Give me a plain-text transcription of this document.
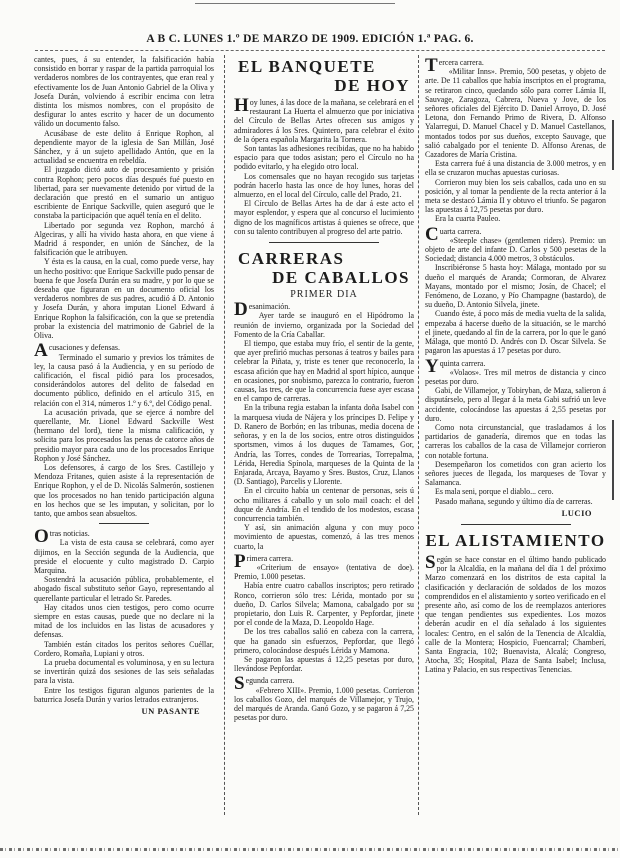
A B C. LUNES 1.º DE MARZO DE 1909. EDICIÓN 1.ª PAG. 6.
cantes, pues, á su entender, la falsificación había consistido en borrar y raspar de la partida parroquial los verdaderos nombres de los contrayentes, que eran real y efectivamente los de Juan Antonio Gabriel de la Oliva y Josefa Durán, volviendo á escribir encima con letra distinta los mismos nombres, con el propósito de desfigurar lo antes escrito y hacer de un documento válido un documento falso.
Acusábase de este delito á Enrique Rophon, al dependiente mayor de la iglesia de San Millán, José Sánchez, y á un sujeto apellidado Antón, que en la actualidad se encuentra en rebeldía.
El juzgado dictó auto de procesamiento y prisión contra Rophon; pero pocos días después fué puesto en libertad, para ser nuevamente detenido por virtud de la declaración que prestó en el sumario un antiguo escribiente de Enrique Sackville, quien aseguró que le constaba la participación que aquél tenía en el delito.
Libertado por segunda vez Rophon, marchó á Algeciras, y allí ha vivido hasta ahora, en que viene á Madrid á responder, en unión de Sánchez, de la falsificación que le atribuyen.
Y ésta es la causa, en la cual, como puede verse, hay un hecho positivo: que Enrique Sackville pudo pensar de buena fe que Josefa Durán era su madre, y por lo que se deseaba que figuraran en un documento oficial los verdaderos nombres de sus padres, acudió á D. Antonio y Josefa Durán, y ahora imputan Lionel Edward á Enrique Rophon la falsificación, con la que se pretendía probar la existencia del matrimonio de Gabriel de la Oliva.
Acusaciones y defensas.
Terminado el sumario y previos los trámites de ley, la causa pasó á la Audiencia, y en su período de calificación, el fiscal pidió para los procesados, considerándolos autores del delito de falsedad en documento público, definido en el artículo 315, en relación con el 314, números 1.º y 6.º, del Código penal.
La acusación privada, que se ejerce á nombre del querellante, Mr. Lionel Edward Sackville West (hermano del lord), tiene la misma calificación, y solicita para los procesados las penas de catorce años de presidio mayor para cada uno de los procesados Enrique Rophon y José Sánchez.
Los defensores, á cargo de los Sres. Castillejo y Mendoza Fritanes, quien asiste á la representación de Enrique Rophon, y el de D. Nicolás Salmerón, sostienen que los procesados no han tenido participación alguna en los hechos que se les imputan, y solicitan, por lo tanto, que ambos sean absueltos.
Otras noticias.
La vista de esta causa se celebrará, como ayer dijimos, en la Sección segunda de la Audiencia, que preside el elocuente y culto magistrado D. Carpio Marquina.
Sostendrá la acusación pública, probablemente, el abogado fiscal substituto señor Gayo, representando al querellante particular el letrado Sr. Paredes.
Hay citados unos cien testigos, pero como ocurre siempre en estas causas, puede que no declare ni la mitad de los incluidos en las listas de acusadores y defensas.
También están citados los peritos señores Cuéllar, Cordero, Romaña, Lupiani y otros.
La prueba documental es voluminosa, y en su lectura se invertirán quizá dos sesiones de las seis señaladas para la vista.
Entre los testigos figuran algunos parientes de la baturrica Josefa Durán y varios letrados extranjeros.
UN PASANTE
EL BANQUETE
DE HOY
Hoy lunes, á las doce de la mañana, se celebrará en el restaurant La Huerta el almuerzo que por iniciativa del Círculo de Bellas Artes ofrecen sus amigos y admiradores á los Sres. Quintero, para celebrar el éxito de la ópera española Margarita la Tornera.
Son tantas las adhesiones recibidas, que no ha habido espacio para que todos asistan; pero el Círculo no ha podido evitarlo, y ha elegido otro local.
Los comensales que no hayan recogido sus tarjetas podrán hacerlo hasta las once de hoy lunes, horas del almuerzo, en el local del Círculo, calle del Prado, 21.
El Círculo de Bellas Artes ha de dar á este acto el mayor esplendor, y espera que al concurso el lucimiento digno de los magníficos artistas á quienes se ofrece, que con su talento contribuyen al progreso del arte patrio.
CARRERAS
DE CABALLOS
PRIMER DIA
Desanimación.
Ayer tarde se inauguró en el Hipódromo la reunión de invierno, organizada por la Sociedad del Fomento de la Cría Caballar.
El tiempo, que estaba muy frío, el sentir de la gente, que ayer prefirió muchas personas á teatros y bailes para celebrar la Piñata, y, triste es tener que reconocerlo, la escasa afición que hay en Madrid al sport hípico, aunque en ocasiones, por snobismo, parezca lo contrario, fueron causas, las tres, de que la concurrencia fuese ayer escasa en el campo de carreras.
En la tribuna regia estaban la infanta doña Isabel con la marquesa viuda de Nájera y los príncipes D. Felipe y D. Ranero de Borbón; en las tribunas, media docena de señoras, y en la de los socios, entre otros distinguidos sportsmen, vimos á los duques de Tamames, Gor, Andría, las Torres, condes de Torrearias, Torrepalma, Lérida, Heredia Spínola, marqueses de la Quinta de la Enjarada, Arcaya, Bayamo y Sres. Bustos, Cruz, Llanos (D. Santiago), Parcelis y Llorente.
En el circuito había un centenar de personas, seis ú ocho militares á caballo y un solo mail coach: el del duque de Andría. En el tendido de los modestos, escasa concurrencia también.
Y así, sin animación alguna y con muy poco movimiento de apuestas, comenzó, á las tres menos cuarto, la
Primera carrera.
«Criterium de ensayo» (tentativa de doe). Premio, 1.000 pesetas.
Había entre cuatro caballos inscriptos; pero retirado Ronco, corrieron sólo tres: Lérida, montado por su dueño, D. Carlos Silvela; Mamona, cabalgado por su propietario, don Luis R. Carpenter, y Pepfordar, jinete por el conde de la Maza, D. Leopoldo Hage.
De los tres caballos salió en cabeza con la carrera, que ha ganado sin esfuerzos, Pepfordar, que llegó primero, colocándose después Lérida y Mamona.
Se pagaron las apuestas á 12,25 pesetas por duro, llevándose Pepfordar.
Segunda carrera.
«Febrero XIII». Premio, 1.000 pesetas. Corrieron los caballos Gozo, del marqués de Villamejor, y Trujo, del marqués de Aranda. Ganó Gozo, y se pagaron á 7,25 pesetas por duro.
Tercera carrera.
«Militar Inns». Premio, 500 pesetas, y objeto de arte. De 11 caballos que había inscriptos en el programa, se retiraron cinco, quedando sólo para correr Lámia II, Sauvage, Zaragoza, Cabrera, Nueva y Jove, de los señores oficiales del Ejército D. Daniel Arroyo, D. José Letona, don Fernando Primo de Rivera, D. Alfonso Yalarregui, D. Manuel Chacel y D. Manuel Castellanos, montados todos por sus dueños, excepto Sauvage, que salió cabalgado por el teniente D. Alfonso Arenas, de Cazadores de María Cristina.
Esta carrera fué á una distancia de 3.000 metros, y en ella se cruzaron muchas apuestas curiosas.
Corrieron muy bien los seis caballos, cada uno en su posición, y al tomar la pendiente de la recta anterior á la meta se destacó Lámia II y obtuvo el triunfo. Se pagaron las apuestas á 12,75 pesetas por duro.
Era la cuarta Pauleo.
Cuarta carrera.
«Steeple chase» (gentlemen riders). Premio: un objeto de arte del infante D. Carlos y 500 pesetas de la Sociedad; distancia 4.000 metros, 3 obstáculos.
Inscribiéronse 5 hasta hoy: Málaga, montado por su dueño el marqués de Aranda; Cormoran, de Alvarez Mayans, montado por el mismo; Josín, de Chacel; el Fenómeno, de Lozano, y Pío Champagne (bastardo), de su dueño, D. Antonio Silvela, jinete.
Cuando éste, á poco más de media vuelta de la salida, empezaba á hacerse dueño de la situación, se le marchó el jinete, quedando al fin de la carrera, por lo que le ganó Málaga, que montó D. Andrés con D. Oscar Silvela. Se pagaron las apuestas á 17 pesetas por duro.
Yquinta carrera.
«Volaos». Tres mil metros de distancia y cinco pesetas por duro.
Gabi, de Villamejor, y Tobiryban, de Maza, salieron á disputárselo, pero al llegar á la meta Gabi sufrió un leve accidente, colocándose las apuestas á 2,55 pesetas por duro.
Como nota circunstancial, que trasladamos á los partidarios de ganadería, diremos que en todas las carreras los caballos de la casa de Villamejor corrieron con notable fortuna.
Desempeñaron los cometidos con gran acierto los señores jueces de llegada, los marqueses de Tovar y Salamanca.
Es mala seni, porque el diablo... cero.
Pasado mañana, segundo y último día de carreras.
LUCIO
EL ALISTAMIENTO
Según se hace constar en el último bando publicado por la Alcaldía, en la mañana del día 1 del próximo Marzo comenzará en los distritos de esta capital la clasificación y declaración de soldados de los mozos comprendidos en el alistamiento y sorteo verificado en el presente año, así como de los de reemplazos anteriores que tengan pendientes sus expedientes. Los mozos deberán acudir en el día señalado á los siguientes locales: Centro, en el salón de la Tenencia de Alcaldía, calle de la Montera; Hospicio, Fuencarral; Chamberí, Santa Engracia, 102; Buenavista, Alcalá; Congreso, Atocha, 35; Hospital, Plaza de Santa Isabel; Inclusa, Latina y Palacio, en sus respectivas Tenencias.
